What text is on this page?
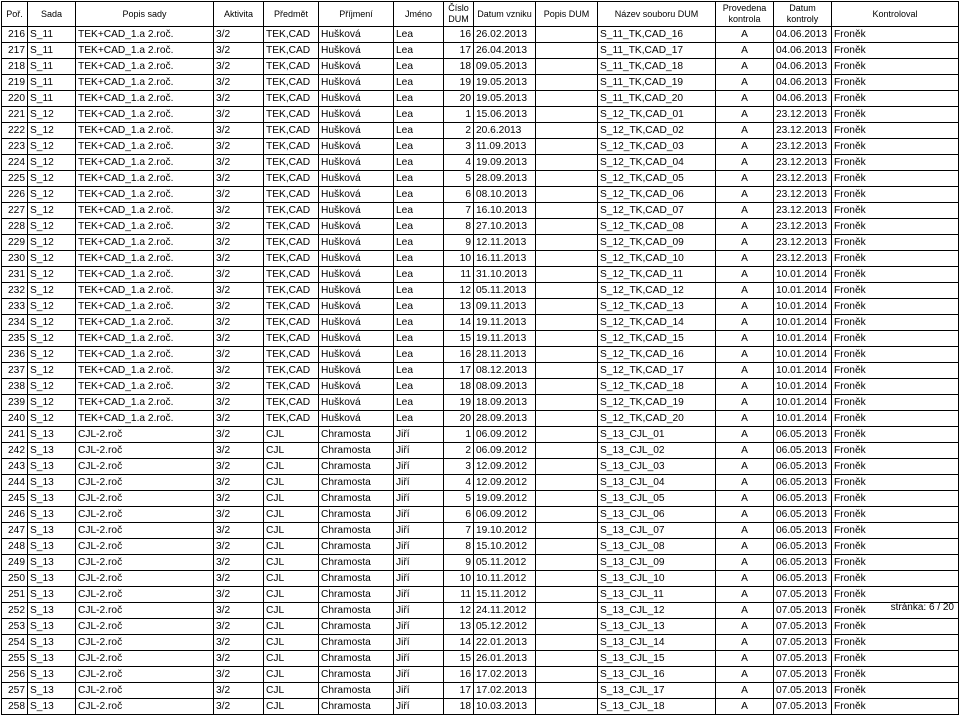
Poř.	Sada	Popis sady	Aktivita	Předmět	Příjmení	Jméno	Číslo DUM	Datum vzniku	Popis DUM	Název souboru DUM	Provedena kontrola	Datum kontroly	Kontroloval
216	S_11	TEK+CAD_1.a 2.roč.	3/2	TEK,CAD	Hušková	Lea	16	26.02.2013		S_11_TK,CAD_16	A	04.06.2013	Froněk
217	S_11	TEK+CAD_1.a 2.roč.	3/2	TEK,CAD	Hušková	Lea	17	26.04.2013		S_11_TK,CAD_17	A	04.06.2013	Froněk
218	S_11	TEK+CAD_1.a 2.roč.	3/2	TEK,CAD	Hušková	Lea	18	09.05.2013		S_11_TK,CAD_18	A	04.06.2013	Froněk
219	S_11	TEK+CAD_1.a 2.roč.	3/2	TEK,CAD	Hušková	Lea	19	19.05.2013		S_11_TK,CAD_19	A	04.06.2013	Froněk
220	S_11	TEK+CAD_1.a 2.roč.	3/2	TEK,CAD	Hušková	Lea	20	19.05.2013		S_11_TK,CAD_20	A	04.06.2013	Froněk
221	S_12	TEK+CAD_1.a 2.roč.	3/2	TEK,CAD	Hušková	Lea	1	15.06.2013		S_12_TK,CAD_01	A	23.12.2013	Froněk
222	S_12	TEK+CAD_1.a 2.roč.	3/2	TEK,CAD	Hušková	Lea	2	20.6.2013		S_12_TK,CAD_02	A	23.12.2013	Froněk
223	S_12	TEK+CAD_1.a 2.roč.	3/2	TEK,CAD	Hušková	Lea	3	11.09.2013		S_12_TK,CAD_03	A	23.12.2013	Froněk
224	S_12	TEK+CAD_1.a 2.roč.	3/2	TEK,CAD	Hušková	Lea	4	19.09.2013		S_12_TK,CAD_04	A	23.12.2013	Froněk
225	S_12	TEK+CAD_1.a 2.roč.	3/2	TEK,CAD	Hušková	Lea	5	28.09.2013		S_12_TK,CAD_05	A	23.12.2013	Froněk
226	S_12	TEK+CAD_1.a 2.roč.	3/2	TEK,CAD	Hušková	Lea	6	08.10.2013		S_12_TK,CAD_06	A	23.12.2013	Froněk
227	S_12	TEK+CAD_1.a 2.roč.	3/2	TEK,CAD	Hušková	Lea	7	16.10.2013		S_12_TK,CAD_07	A	23.12.2013	Froněk
228	S_12	TEK+CAD_1.a 2.roč.	3/2	TEK,CAD	Hušková	Lea	8	27.10.2013		S_12_TK,CAD_08	A	23.12.2013	Froněk
229	S_12	TEK+CAD_1.a 2.roč.	3/2	TEK,CAD	Hušková	Lea	9	12.11.2013		S_12_TK,CAD_09	A	23.12.2013	Froněk
230	S_12	TEK+CAD_1.a 2.roč.	3/2	TEK,CAD	Hušková	Lea	10	16.11.2013		S_12_TK,CAD_10	A	23.12.2013	Froněk
231	S_12	TEK+CAD_1.a 2.roč.	3/2	TEK,CAD	Hušková	Lea	11	31.10.2013		S_12_TK,CAD_11	A	10.01.2014	Froněk
232	S_12	TEK+CAD_1.a 2.roč.	3/2	TEK,CAD	Hušková	Lea	12	05.11.2013		S_12_TK,CAD_12	A	10.01.2014	Froněk
233	S_12	TEK+CAD_1.a 2.roč.	3/2	TEK,CAD	Hušková	Lea	13	09.11.2013		S_12_TK,CAD_13	A	10.01.2014	Froněk
234	S_12	TEK+CAD_1.a 2.roč.	3/2	TEK,CAD	Hušková	Lea	14	19.11.2013		S_12_TK,CAD_14	A	10.01.2014	Froněk
235	S_12	TEK+CAD_1.a 2.roč.	3/2	TEK,CAD	Hušková	Lea	15	19.11.2013		S_12_TK,CAD_15	A	10.01.2014	Froněk
236	S_12	TEK+CAD_1.a 2.roč.	3/2	TEK,CAD	Hušková	Lea	16	28.11.2013		S_12_TK,CAD_16	A	10.01.2014	Froněk
237	S_12	TEK+CAD_1.a 2.roč.	3/2	TEK,CAD	Hušková	Lea	17	08.12.2013		S_12_TK,CAD_17	A	10.01.2014	Froněk
238	S_12	TEK+CAD_1.a 2.roč.	3/2	TEK,CAD	Hušková	Lea	18	08.09.2013		S_12_TK,CAD_18	A	10.01.2014	Froněk
239	S_12	TEK+CAD_1.a 2.roč.	3/2	TEK,CAD	Hušková	Lea	19	18.09.2013		S_12_TK,CAD_19	A	10.01.2014	Froněk
240	S_12	TEK+CAD_1.a 2.roč.	3/2	TEK,CAD	Hušková	Lea	20	28.09.2013		S_12_TK,CAD_20	A	10.01.2014	Froněk
241	S_13	CJL-2.roč	3/2	CJL	Chramosta	Jiří	1	06.09.2012		S_13_CJL_01	A	06.05.2013	Froněk
242	S_13	CJL-2.roč	3/2	CJL	Chramosta	Jiří	2	06.09.2012		S_13_CJL_02	A	06.05.2013	Froněk
243	S_13	CJL-2.roč	3/2	CJL	Chramosta	Jiří	3	12.09.2012		S_13_CJL_03	A	06.05.2013	Froněk
244	S_13	CJL-2.roč	3/2	CJL	Chramosta	Jiří	4	12.09.2012		S_13_CJL_04	A	06.05.2013	Froněk
245	S_13	CJL-2.roč	3/2	CJL	Chramosta	Jiří	5	19.09.2012		S_13_CJL_05	A	06.05.2013	Froněk
246	S_13	CJL-2.roč	3/2	CJL	Chramosta	Jiří	6	06.09.2012		S_13_CJL_06	A	06.05.2013	Froněk
247	S_13	CJL-2.roč	3/2	CJL	Chramosta	Jiří	7	19.10.2012		S_13_CJL_07	A	06.05.2013	Froněk
248	S_13	CJL-2.roč	3/2	CJL	Chramosta	Jiří	8	15.10.2012		S_13_CJL_08	A	06.05.2013	Froněk
249	S_13	CJL-2.roč	3/2	CJL	Chramosta	Jiří	9	05.11.2012		S_13_CJL_09	A	06.05.2013	Froněk
250	S_13	CJL-2.roč	3/2	CJL	Chramosta	Jiří	10	10.11.2012		S_13_CJL_10	A	06.05.2013	Froněk
251	S_13	CJL-2.roč	3/2	CJL	Chramosta	Jiří	11	15.11.2012		S_13_CJL_11	A	07.05.2013	Froněk
252	S_13	CJL-2.roč	3/2	CJL	Chramosta	Jiří	12	24.11.2012		S_13_CJL_12	A	07.05.2013	Froněk
253	S_13	CJL-2.roč	3/2	CJL	Chramosta	Jiří	13	05.12.2012		S_13_CJL_13	A	07.05.2013	Froněk
254	S_13	CJL-2.roč	3/2	CJL	Chramosta	Jiří	14	22.01.2013		S_13_CJL_14	A	07.05.2013	Froněk
255	S_13	CJL-2.roč	3/2	CJL	Chramosta	Jiří	15	26.01.2013		S_13_CJL_15	A	07.05.2013	Froněk
256	S_13	CJL-2.roč	3/2	CJL	Chramosta	Jiří	16	17.02.2013		S_13_CJL_16	A	07.05.2013	Froněk
257	S_13	CJL-2.roč	3/2	CJL	Chramosta	Jiří	17	17.02.2013		S_13_CJL_17	A	07.05.2013	Froněk
258	S_13	CJL-2.roč	3/2	CJL	Chramosta	Jiří	18	10.03.2013		S_13_CJL_18	A	07.05.2013	Froněk
stránka: 6 / 20
